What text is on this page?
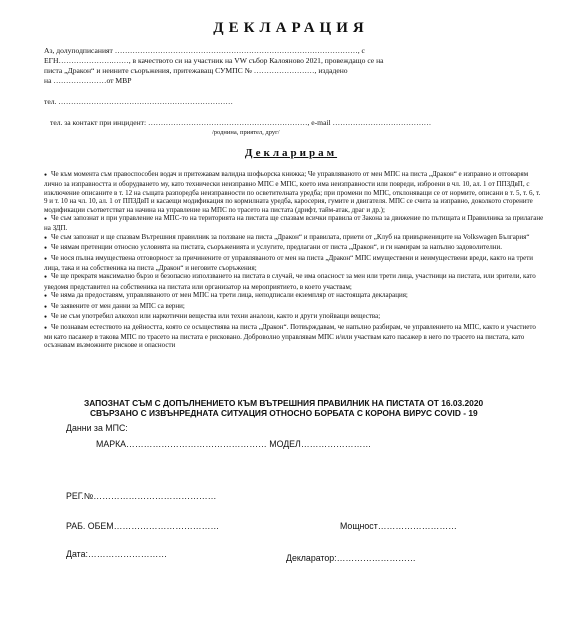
ДЕКЛАРАЦИЯ
Аз, долуподписаният ……………………………………………………………………………………, с
ЕГН………………….……, в качеството си на участник на VW събор Калояново 2021, провеждащо се на
писта „Дракон“ и неините съоръжения, притежаващ СУМПС № ……………………, издадено
на …………………от МВР
тел. ……………………………………………………………
тел. за контакт при инцидент: ………………………………………………………, e-mail …………………………………
/роднина, приятел, друг/
Декларирам

● Че към момента съм правоспособен водач и притежавам валидна шофьорска книжка; Че управляваното от мен МПС на писта „Дракон“ е изправно и отговарям лично за изправността и оборудването му, като технически неизправно МПС е МПС, което има неизправности или повреди, изброени в чл. 10, ал. 1 от ППЗДвП, с изключение описаните в т. 12 на същата разпоредба неизправности по осветителната уредба; при промени по МПС, отклоняващи се от нормите, описани в т. 5, т. 6, т. 9 и т. 10 на чл. 10, ал. 1 от ППЗДвП и касаещи модификация по кормилната уредба, каросерия, гумите и двигателя. МПС се счита за изправно, доколкото сторените модификации съответстват на начина на управление на МПС по трасето на пистата (дрифт, тайм-атак, драг и др.);

● Че съм запознат и при управление на МПС-то на територията на пистата ще спазвам всички правила от Закона за движение по пътищата и Правилника за прилагане на ЗДП.

● Че съм запознат и ще спазвам Вътрешния правилник за ползване на писта „Дракон“ и правилата, приети от „Клуб на привържениците на Volkswagen България“

● Че нямам претенции относно условията на пистата, съоръженията и услугите, предлагани от писта „Дракон“, и ги намирам за напълно задоволителни.

● Че нося пълна имуществена отговорност за причинените от управляваното от мен на писта „Дракон“ МПС имуществени и неимуществени вреди, както на трети лица, така и на собственика на писта „Дракон“ и неговите съоръжения;

● Че ще прекратя максимално бързо и безопасно използването на пистата в случай, че има опасност за мен или трети лица, участници на пистата, или зрители, като уведомя представител на собственика на пистата или организатор на мероприятието, в което участвам;

● Че няма да предоставям, управляваното от мен МПС на трети лица, неподписали екземпляр от настоящата декларация;

● Че заявените от мен данни за МПС са верни;

● Че не съм употребил алкохол или наркотични вещества или техни аналози, както и други упойващи вещества;

● Че познавам естеството на дейността, която се осъществява на писта „Дракон“. Потвърждавам, че напълно разбирам, че управлението на МПС, както и участието ми като пасажер в такова МПС по трасето на пистата е рисковано. Доброволно управлявам МПС и/или участвам като пасажер в него по трасето на пистата, като осъзнавам възможните рискове и опасности

ЗАПОЗНАТ СЪМ С ДОПЪЛНЕНИЕТО КЪМ ВЪТРЕШНИЯ ПРАВИЛНИК НА ПИСТАТА ОТ 16.03.2020
СВЪРЗАНО С ИЗВЪНРЕДНАТА СИТУАЦИЯ ОТНОСНО БОРБАТА С КОРОНА ВИРУС COVID - 19
Данни за МПС:
МАРКА………………………………………… МОДЕЛ……………………
РЕГ.№……………………………………
РАБ. ОБЕМ………………………………	Мощност………………………
Дата:………………………	Декларатор:………………………
